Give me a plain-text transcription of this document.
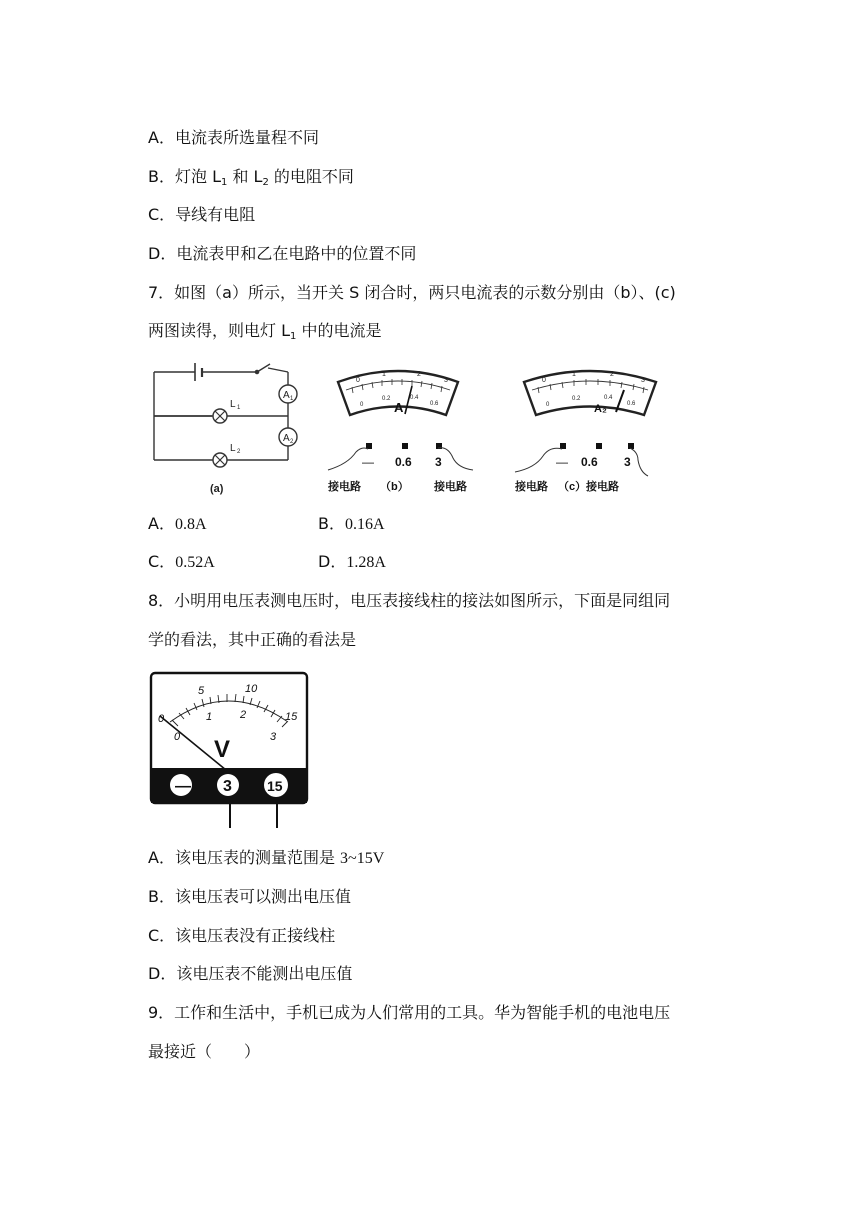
A．电流表所选量程不同
B．灯泡 $L_1$ 和 $L_2$ 的电阻不同
C．导线有电阻
D．电流表甲和乙在电路中的位置不同
7．如图（a）所示，当开关 S 闭合时，两只电流表的示数分别由（b）、(c)
两图读得，则电灯 $L_1$ 中的电流是
A 1
A 2
L 1
L 2
(a)
0
1	2
3
0
0.2	0.4
0.6
A
— 0.6 3
接电路 （b） 接电路
0
1	2
3
0
0.2	0.4
0.6
A₂
— 0.6 3
接电路 （c） 接电路
A．0.8A	B．0.16A
C．0.52A	D．1.28A
8．小明用电压表测电压时，电压表接线柱的接法如图所示，下面是同组同
学的看法，其中正确的看法是
0
5	10
15
0
1	2
3
V
— 3	15
A．该电压表的测量范围是 3~15V
B．该电压表可以测出电压值
C．该电压表没有正接线柱
D．该电压表不能测出电压值
9．工作和生活中，手机已成为人们常用的工具。华为智能手机的电池电压
最接近（　　）
